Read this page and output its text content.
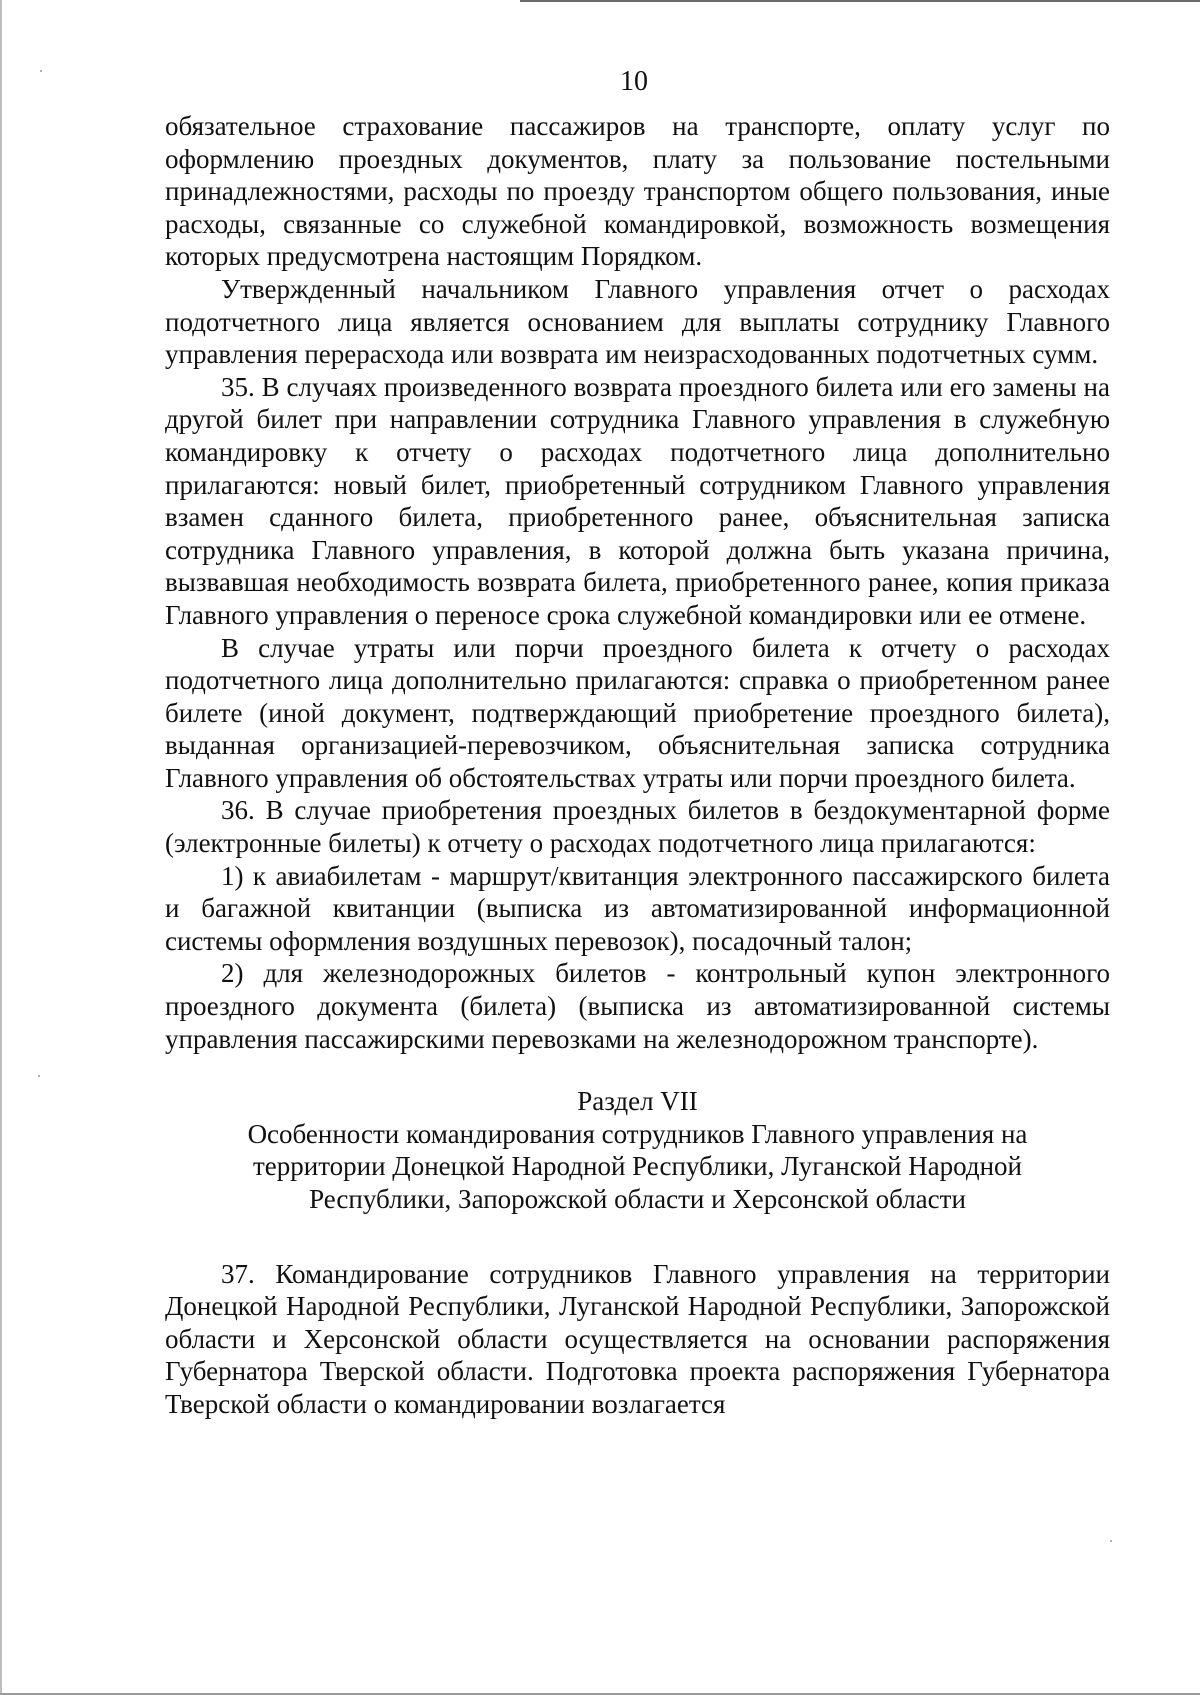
10

обязательное страхование пассажиров на транспорте, оплату услуг по оформлению проездных документов, плату за пользование постельными принадлежностями, расходы по проезду транспортом общего пользования, иные расходы, связанные со служебной командировкой, возможность возмещения которых предусмотрена настоящим Порядком.

Утвержденный начальником Главного управления отчет о расходах подотчетного лица является основанием для выплаты сотруднику Главного управления перерасхода или возврата им неизрасходованных подотчетных сумм.

35. В случаях произведенного возврата проездного билета или его замены на другой билет при направлении сотрудника Главного управления в служебную командировку к отчету о расходах подотчетного лица дополнительно прилагаются: новый билет, приобретенный сотрудником Главного управления взамен сданного билета, приобретенного ранее, объяснительная записка сотрудника Главного управления, в которой должна быть указана причина, вызвавшая необходимость возврата билета, приобретенного ранее, копия приказа Главного управления о переносе срока служебной командировки или ее отмене.

В случае утраты или порчи проездного билета к отчету о расходах подотчетного лица дополнительно прилагаются: справка о приобретенном ранее билете (иной документ, подтверждающий приобретение проездного билета), выданная организацией-перевозчиком, объяснительная записка сотрудника Главного управления об обстоятельствах утраты или порчи проездного билета.

36. В случае приобретения проездных билетов в бездокументарной форме (электронные билеты) к отчету о расходах подотчетного лица прилагаются:

1) к авиабилетам - маршрут/квитанция электронного пассажирского билета и багажной квитанции (выписка из автоматизированной информационной системы оформления воздушных перевозок), посадочный талон;

2) для железнодорожных билетов - контрольный купон электронного проездного документа (билета) (выписка из автоматизированной системы управления пассажирскими перевозками на железнодорожном транспорте).

Раздел VII

Особенности командирования сотрудников Главного управления на территории Донецкой Народной Республики, Луганской Народной Республики, Запорожской области и Херсонской области

37. Командирование сотрудников Главного управления на территории Донецкой Народной Республики, Луганской Народной Республики, Запорожской области и Херсонской области осуществляется на основании распоряжения Губернатора Тверской области. Подготовка проекта распоряжения Губернатора Тверской области о командировании возлагается
